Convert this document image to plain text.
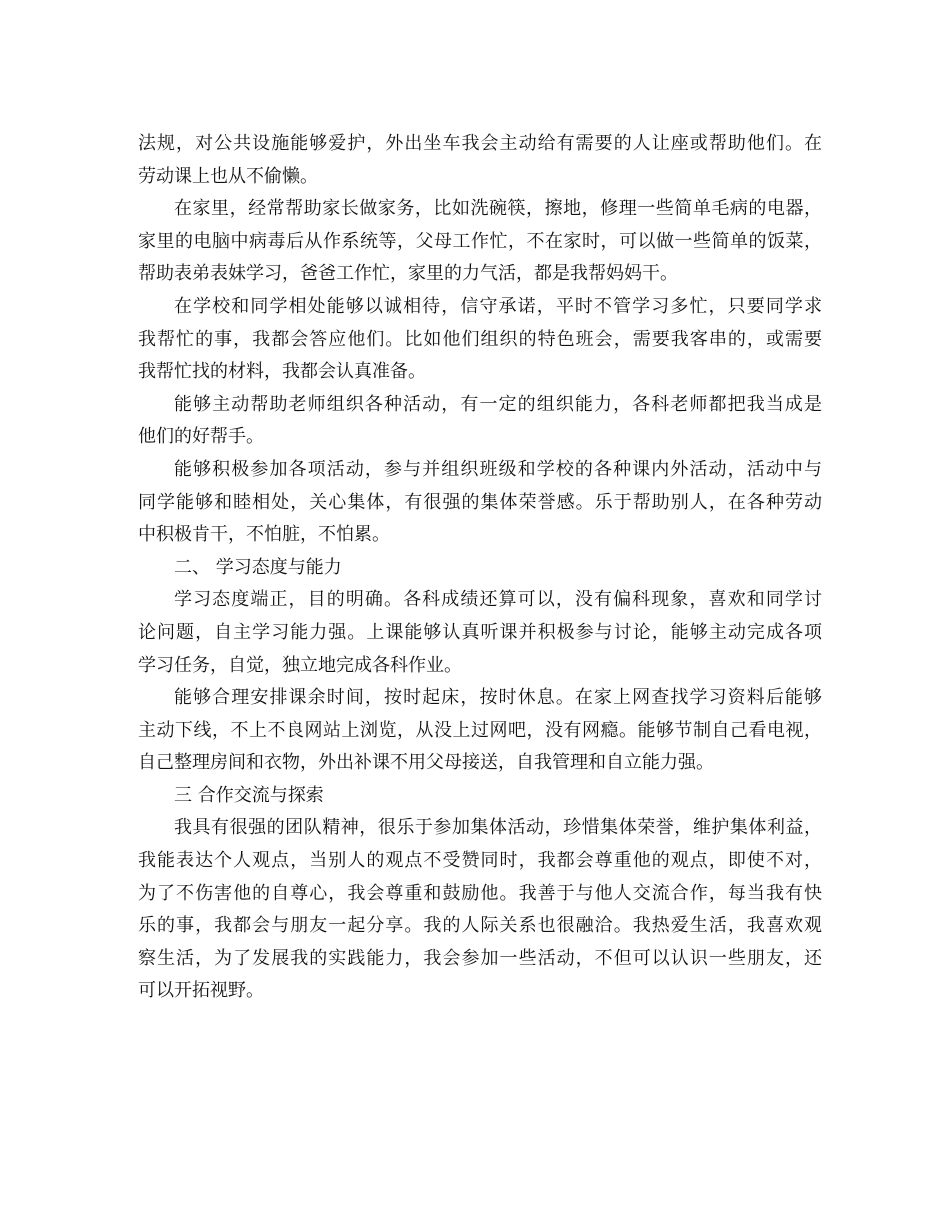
法规，对公共设施能够爱护，外出坐车我会主动给有需要的人让座或帮助他们。在
劳动课上也从不偷懒。
在家里，经常帮助家长做家务，比如洗碗筷，擦地，修理一些简单毛病的电器，
家里的电脑中病毒后从作系统等，父母工作忙，不在家时，可以做一些简单的饭菜，
帮助表弟表妹学习，爸爸工作忙，家里的力气活，都是我帮妈妈干。
在学校和同学相处能够以诚相待，信守承诺，平时不管学习多忙，只要同学求
我帮忙的事，我都会答应他们。比如他们组织的特色班会，需要我客串的，或需要
我帮忙找的材料，我都会认真准备。
能够主动帮助老师组织各种活动，有一定的组织能力，各科老师都把我当成是
他们的好帮手。
能够积极参加各项活动，参与并组织班级和学校的各种课内外活动，活动中与
同学能够和睦相处，关心集体，有很强的集体荣誉感。乐于帮助别人，在各种劳动
中积极肯干，不怕脏，不怕累。
二、 学习态度与能力
学习态度端正，目的明确。各科成绩还算可以，没有偏科现象，喜欢和同学讨
论问题，自主学习能力强。上课能够认真听课并积极参与讨论，能够主动完成各项
学习任务，自觉，独立地完成各科作业。
能够合理安排课余时间，按时起床，按时休息。在家上网查找学习资料后能够
主动下线，不上不良网站上浏览，从没上过网吧，没有网瘾。能够节制自己看电视，
自己整理房间和衣物，外出补课不用父母接送，自我管理和自立能力强。
三 合作交流与探索
我具有很强的团队精神，很乐于参加集体活动，珍惜集体荣誉，维护集体利益，
我能表达个人观点，当别人的观点不受赞同时，我都会尊重他的观点，即使不对，
为了不伤害他的自尊心，我会尊重和鼓励他。我善于与他人交流合作，每当我有快
乐的事，我都会与朋友一起分享。我的人际关系也很融洽。我热爱生活，我喜欢观
察生活，为了发展我的实践能力，我会参加一些活动，不但可以认识一些朋友，还
可以开拓视野。
